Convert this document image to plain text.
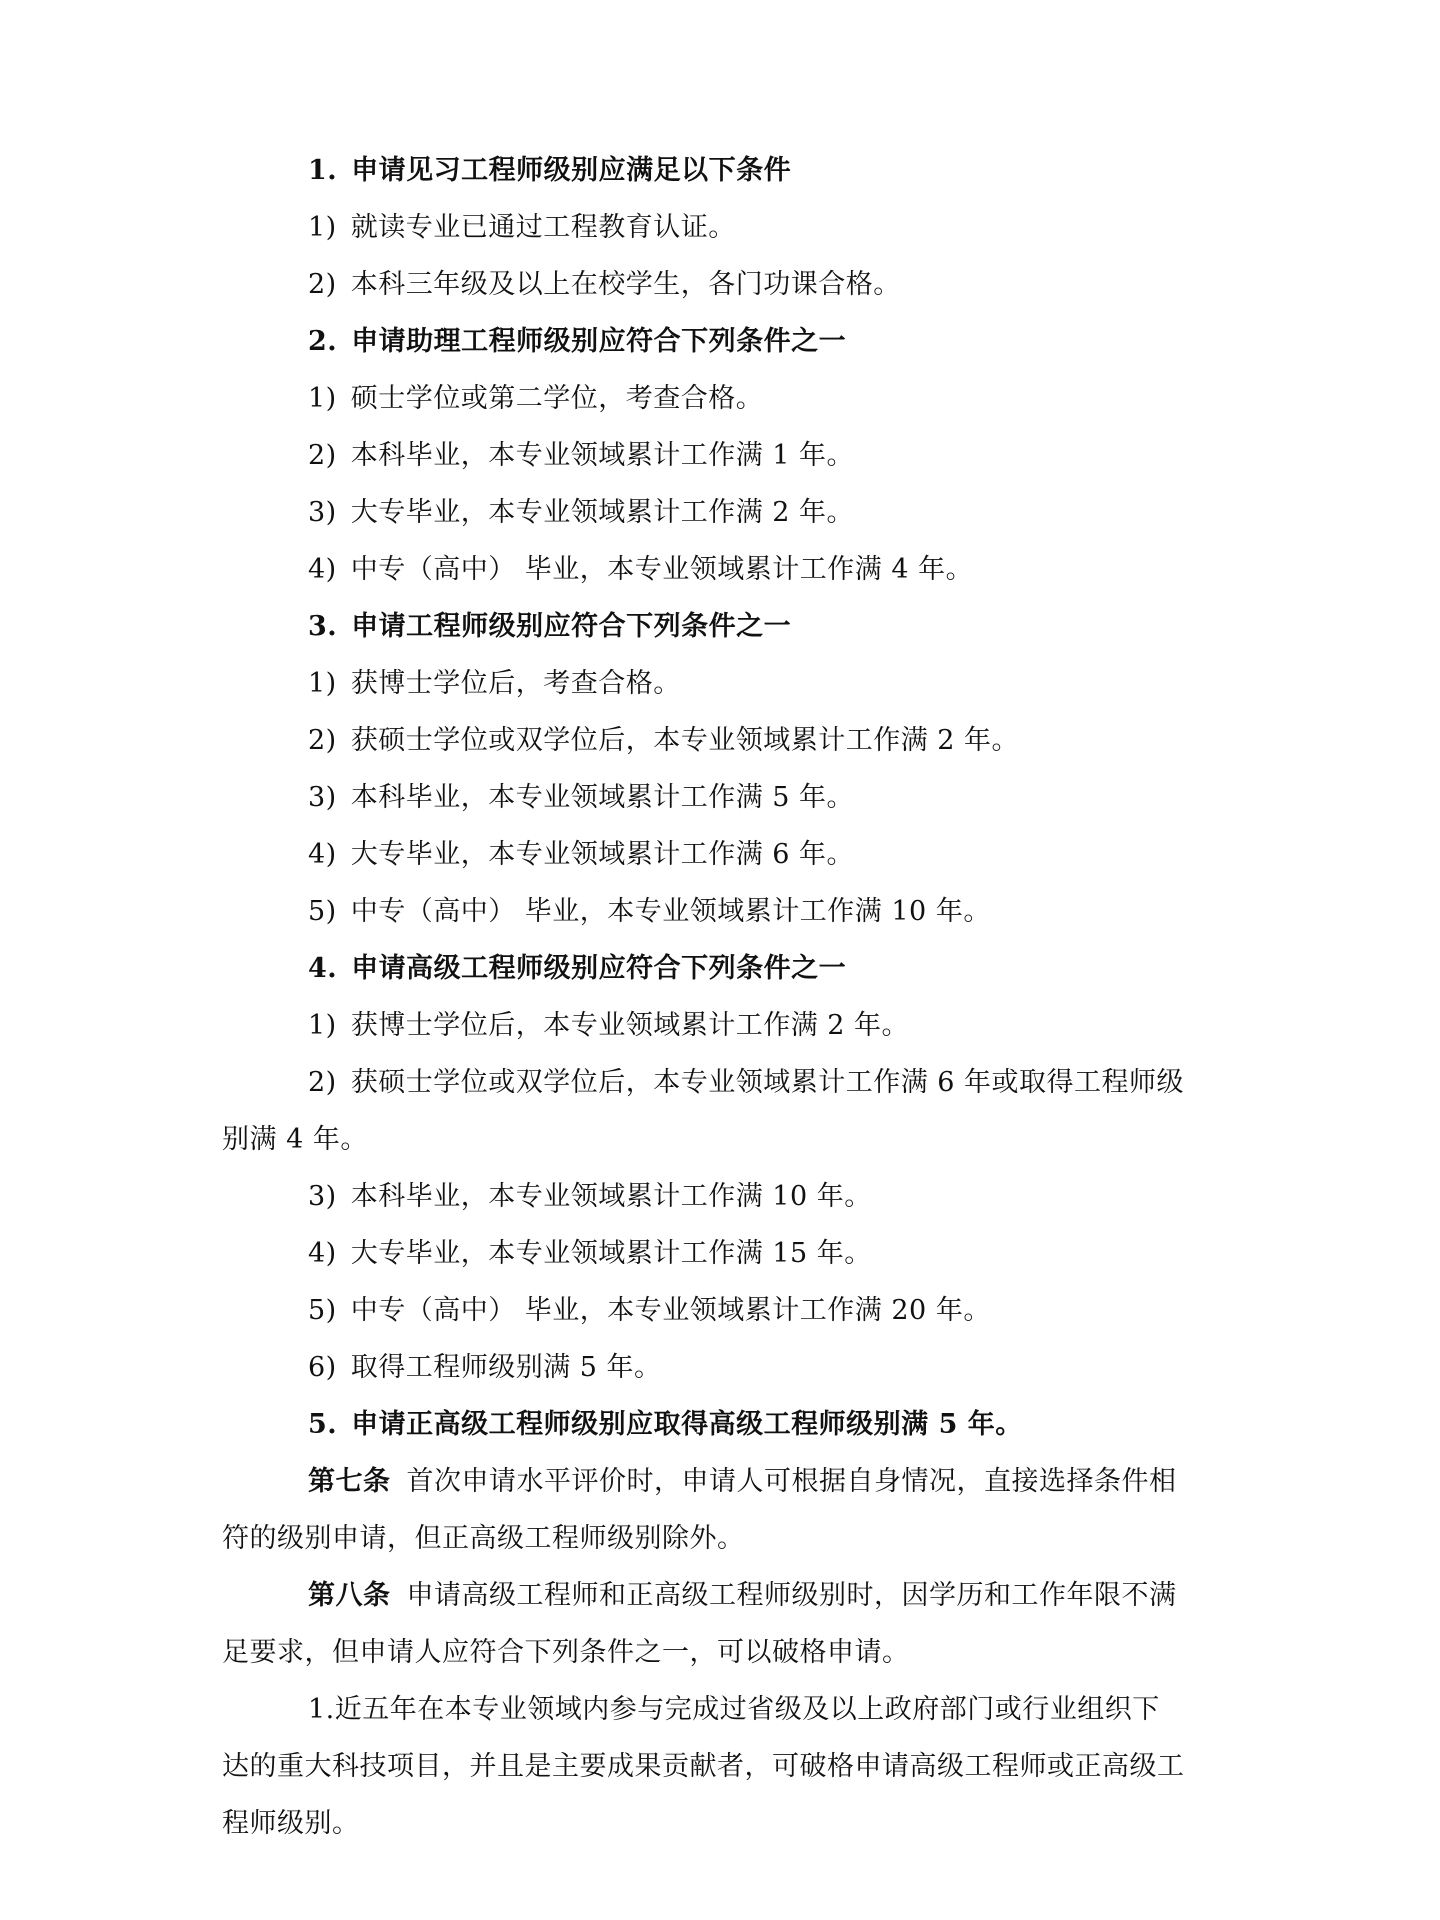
1. 申请见习工程师级别应满足以下条件
1) 就读专业已通过工程教育认证。
2) 本科三年级及以上在校学生，各门功课合格。
2. 申请助理工程师级别应符合下列条件之一
1) 硕士学位或第二学位，考查合格。
2) 本科毕业，本专业领域累计工作满 1 年。
3) 大专毕业，本专业领域累计工作满 2 年。
4) 中专（高中） 毕业，本专业领域累计工作满 4 年。
3. 申请工程师级别应符合下列条件之一
1) 获博士学位后，考查合格。
2) 获硕士学位或双学位后，本专业领域累计工作满 2 年。
3) 本科毕业，本专业领域累计工作满 5 年。
4) 大专毕业，本专业领域累计工作满 6 年。
5) 中专（高中） 毕业，本专业领域累计工作满 10 年。
4. 申请高级工程师级别应符合下列条件之一
1) 获博士学位后，本专业领域累计工作满 2 年。
2) 获硕士学位或双学位后，本专业领域累计工作满 6 年或取得工程师级
别满 4 年。
3) 本科毕业，本专业领域累计工作满 10 年。
4) 大专毕业，本专业领域累计工作满 15 年。
5) 中专（高中） 毕业，本专业领域累计工作满 20 年。
6) 取得工程师级别满 5 年。
5. 申请正高级工程师级别应取得高级工程师级别满 5 年。
第七条 首次申请水平评价时，申请人可根据自身情况，直接选择条件相
符的级别申请，但正高级工程师级别除外。
第八条 申请高级工程师和正高级工程师级别时，因学历和工作年限不满
足要求，但申请人应符合下列条件之一，可以破格申请。
1.近五年在本专业领域内参与完成过省级及以上政府部门或行业组织下
达的重大科技项目，并且是主要成果贡献者，可破格申请高级工程师或正高级工
程师级别。
